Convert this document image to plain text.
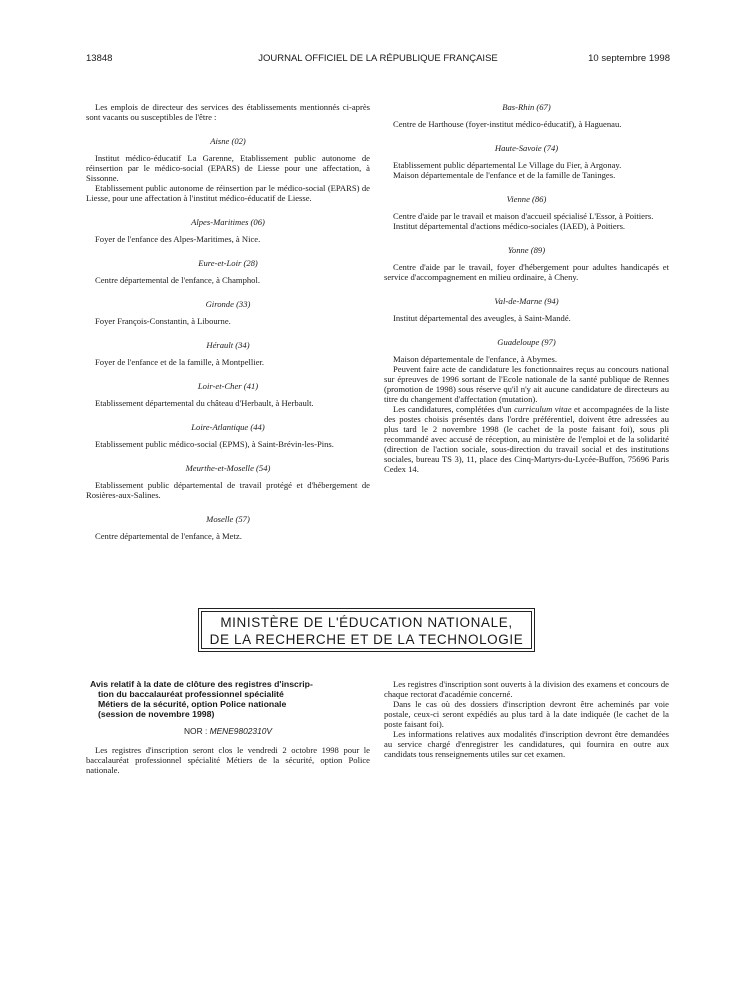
13848	JOURNAL OFFICIEL DE LA RÉPUBLIQUE FRANÇAISE	10 septembre 1998

Les emplois de directeur des services des établissements mentionnés ci-après sont vacants ou susceptibles de l'être :

Aisne (02)

Institut médico-éducatif La Garenne, Etablissement public autonome de réinsertion par le médico-social (EPARS) de Liesse pour une affectation, à Sissonne.

Etablissement public autonome de réinsertion par le médico-social (EPARS) de Liesse, pour une affectation à l'institut médico-éducatif de Liesse.

Alpes-Maritimes (06)

Foyer de l'enfance des Alpes-Maritimes, à Nice.

Eure-et-Loir (28)

Centre départemental de l'enfance, à Champhol.

Gironde (33)

Foyer François-Constantin, à Libourne.

Hérault (34)

Foyer de l'enfance et de la famille, à Montpellier.

Loir-et-Cher (41)

Etablissement départemental du château d'Herbault, à Herbault.

Loire-Atlantique (44)

Etablissement public médico-social (EPMS), à Saint-Brévin-les-Pins.

Meurthe-et-Moselle (54)

Etablissement public départemental de travail protégé et d'hébergement de Rosières-aux-Salines.

Moselle (57)

Centre départemental de l'enfance, à Metz.

Bas-Rhin (67)

Centre de Harthouse (foyer-institut médico-éducatif), à Haguenau.

Haute-Savoie (74)

Etablissement public départemental Le Village du Fier, à Argonay.

Maison départementale de l'enfance et de la famille de Taninges.

Vienne (86)

Centre d'aide par le travail et maison d'accueil spécialisé L'Essor, à Poitiers.

Institut départemental d'actions médico-sociales (IAED), à Poitiers.

Yonne (89)

Centre d'aide par le travail, foyer d'hébergement pour adultes handicapés et service d'accompagnement en milieu ordinaire, à Cheny.

Val-de-Marne (94)

Institut départemental des aveugles, à Saint-Mandé.

Guadeloupe (97)

Maison départementale de l'enfance, à Abymes.

Peuvent faire acte de candidature les fonctionnaires reçus au concours national sur épreuves de 1996 sortant de l'Ecole nationale de la santé publique de Rennes (promotion de 1998) sous réserve qu'il n'y ait aucune candidature de directeurs au titre du changement d'affectation (mutation).

Les candidatures, complétées d'un curriculum vitae et accompagnées de la liste des postes choisis présentés dans l'ordre préférentiel, doivent être adressées au plus tard le 2 novembre 1998 (le cachet de la poste faisant foi), sous pli recommandé avec accusé de réception, au ministère de l'emploi et de la solidarité (direction de l'action sociale, sous-direction du travail social et des institutions sociales, bureau TS 3), 11, place des Cinq-Martyrs-du-Lycée-Buffon, 75696 Paris Cedex 14.

MINISTÈRE DE L'ÉDUCATION NATIONALE,
DE LA RECHERCHE ET DE LA TECHNOLOGIE
Avis relatif à la date de clôture des registres d'inscrip-
tion du baccalauréat professionnel spécialité
Métiers de la sécurité, option Police nationale
(session de novembre 1998)
NOR : MENE9802310V

Les registres d'inscription seront clos le vendredi 2 octobre 1998 pour le baccalauréat professionnel spécialité Métiers de la sécurité, option Police nationale.

Les registres d'inscription sont ouverts à la division des examens et concours de chaque rectorat d'académie concerné.

Dans le cas où des dossiers d'inscription devront être acheminés par voie postale, ceux-ci seront expédiés au plus tard à la date indiquée (le cachet de la poste faisant foi).

Les informations relatives aux modalités d'inscription devront être demandées au service chargé d'enregistrer les candidatures, qui fournira en outre aux candidats tous renseignements utiles sur cet examen.
